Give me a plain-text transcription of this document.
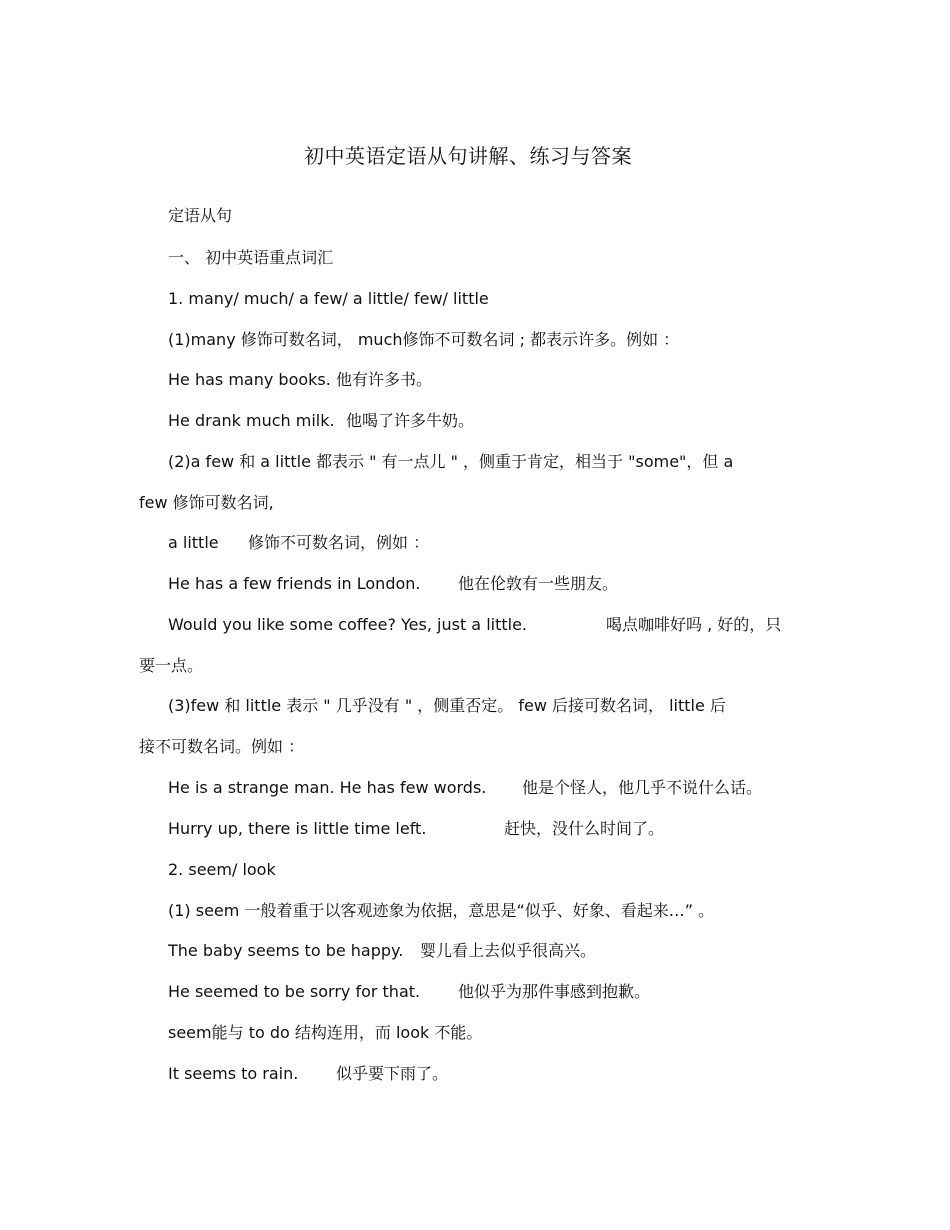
初中英语定语从句讲解、练习与答案
定语从句
一、 初中英语重点词汇
1. many/ much/ a few/ a little/ few/ little
(1)many 修饰可数名词， much修饰不可数名词 ; 都表示许多。例如 ：
He has many books. 他有许多书。
He drank much milk. 他喝了许多牛奶。
(2)a few 和 a little 都表示 " 有一点儿 " ，侧重于肯定，相当于 "some"，但 a
few 修饰可数名词,
a little 修饰不可数名词，例如 ：
He has a few friends in London. 他在伦敦有一些朋友。
Would you like some coffee? Yes, just a little.	喝点咖啡好吗 , 好的，只
要一点。
(3)few 和 little 表示 " 几乎没有 " ，侧重否定。 few 后接可数名词， little 后
接不可数名词。例如 ：
He is a strange man. He has few words. 他是个怪人，他几乎不说什么话。
Hurry up, there is little time left.	赶快，没什么时间了。
2. seem/ look
(1) seem 一般着重于以客观迹象为依据，意思是“似乎、好象、看起来…” 。
The baby seems to be happy. 婴儿看上去似乎很高兴。
He seemed to be sorry for that. 他似乎为那件事感到抱歉。
seem能与 to do 结构连用，而 look 不能。
It seems to rain. 似乎要下雨了。
